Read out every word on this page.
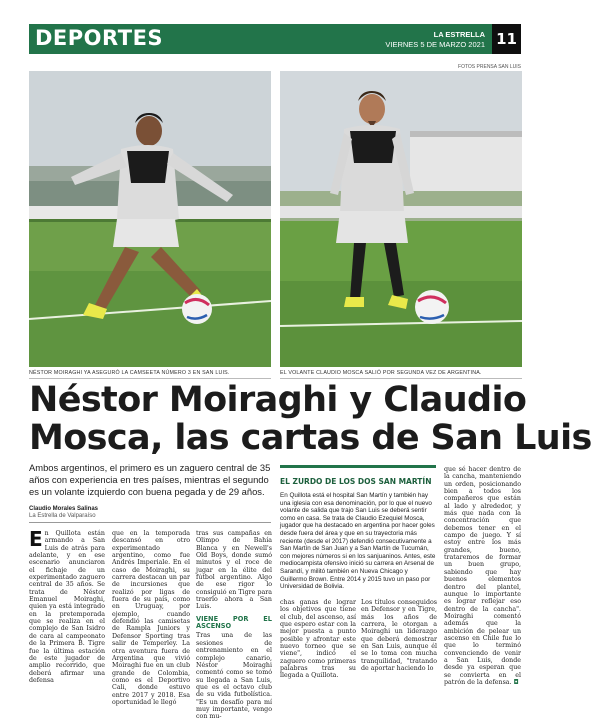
DEPORTES	LA ESTRELLA
VIERNES 5 DE MARZO 2021 11
FOTOS PRENSA SAN LUIS
NÉSTOR MOIRAGHI YA ASEGURÓ LA CAMSEETA NÚMERO 3 EN SAN LUIS.	EL VOLANTE CLAUDIO MOSCA SALIÓ POR SEGUNDA VEZ DE ARGENTINA.
Néstor Moiraghi y Claudio
Mosca, las cartas de San Luis
Ambos argentinos, el primero es un zaguero central de 35 años con experiencia en tres países, mientras el segundo es un volante izquierdo con buena pegada y de 29 años.
Claudio Morales Salinas
La Estrella de Valparaíso

En Quillota están armando a San Luis de atrás para adelante, y en ese escenario anunciaron el fichaje de un experimentado zaguero central de 35 años. Se trata de Néstor Emanuel Moiraghi, quien ya está integrado en la pretemporada que se realiza en el complejo de San Isidro de cara al campeonato de la Primera B. Tigre fue la última estación de este jugador de amplio recorrido, que deberá afirmar una defensa

que en la temporada descansó en otro experimentado argentino, como fue Andrés Imperiale. En el caso de Moiraghi, su carrera destacan un par de incursiones que realizó por ligas de fuera de su país, como en Uruguay, por ejemplo, cuando defendió las camisetas de Rampla Juniors y Defensor Sporting tras salir de Temperley. La otra aventura fuera de Argentina que vivió Moiraghi fue en un club grande de Colombia, como es el Deportivo Cali, donde estuvo entre 2017 y 2018. Esa oportunidad le llegó

tras sus campañas en Olimpo de Bahía Blanca y en Newell's Old Boys, donde sumó minutos y el roce de jugar en la élite del fútbol argentino. Algo de ese rigor lo consiguió en Tigre para traerlo ahora a San Luis.

VIENE POR EL ASCENSO

Tras una de las sesiones de entrenamiento en el complejo canario, Néstor Moiraghi comentó como se tomó su llegada a San Luis, que es el octavo club de su vida futbolística. "Es un desafío para mí muy importante, vengo con mu-

chas ganas de lograr los objetivos que tiene el club, del ascenso, así que espero estar con la mejor puesta a punto posible y afrontar este nuevo torneo que se viene", indicó el zaguero como primeras palabras tras su llegada a Quillota.

Los títulos conseguidos en Defensor y en Tigre, más los años de carrera, le otorgan a Moiraghi un liderazgo que deberá demostrar en San Luis, aunque él se lo toma con mucha tranquilidad, "tratando de aportar haciendo lo

que sé hacer dentro de la cancha, manteniendo un orden, posicionando bien a todos los compañeros que están al lado y alrededor, y más que nada con la concentración que debemos tener en el campo de juego. Y sí estoy entre los más grandes, bueno, trataremos de formar un buen grupo, sabiendo que hay buenos elementos dentro del plantel, aunque lo importante es lograr reflejar eso dentro de la cancha". Moiraghi comentó además que la ambición de pelear un ascenso en Chile fue lo que lo terminó convenciendo de venir a San Luis, donde desde ya esperan que se convierta en el patrón de la defensa. ◘

EL ZURDO DE LOS DOS SAN MARTÍN
En Quillota está el hospital San Martín y también hay una iglesia con esa denominación, por lo que el nuevo volante de salida que trajo San Luis se deberá sentir como en casa. Se trata de Claudio Ezequiel Mosca, jugador que ha destacado en argentina por hacer goles desde fuera del área y que en su trayectoria más reciente (desde el 2017) defendió consecutivamente a San Martín de San Juan y a San Martín de Tucumán, con mejores números si en los sanjuaninos. Antes, este mediocampista ofensivo inició su carrera en Arsenal de Sarandí, y militó también en Nueva Chicago y Guillermo Brown. Entre 2014 y 2015 tuvo un paso por Universidad de Bolivia.
